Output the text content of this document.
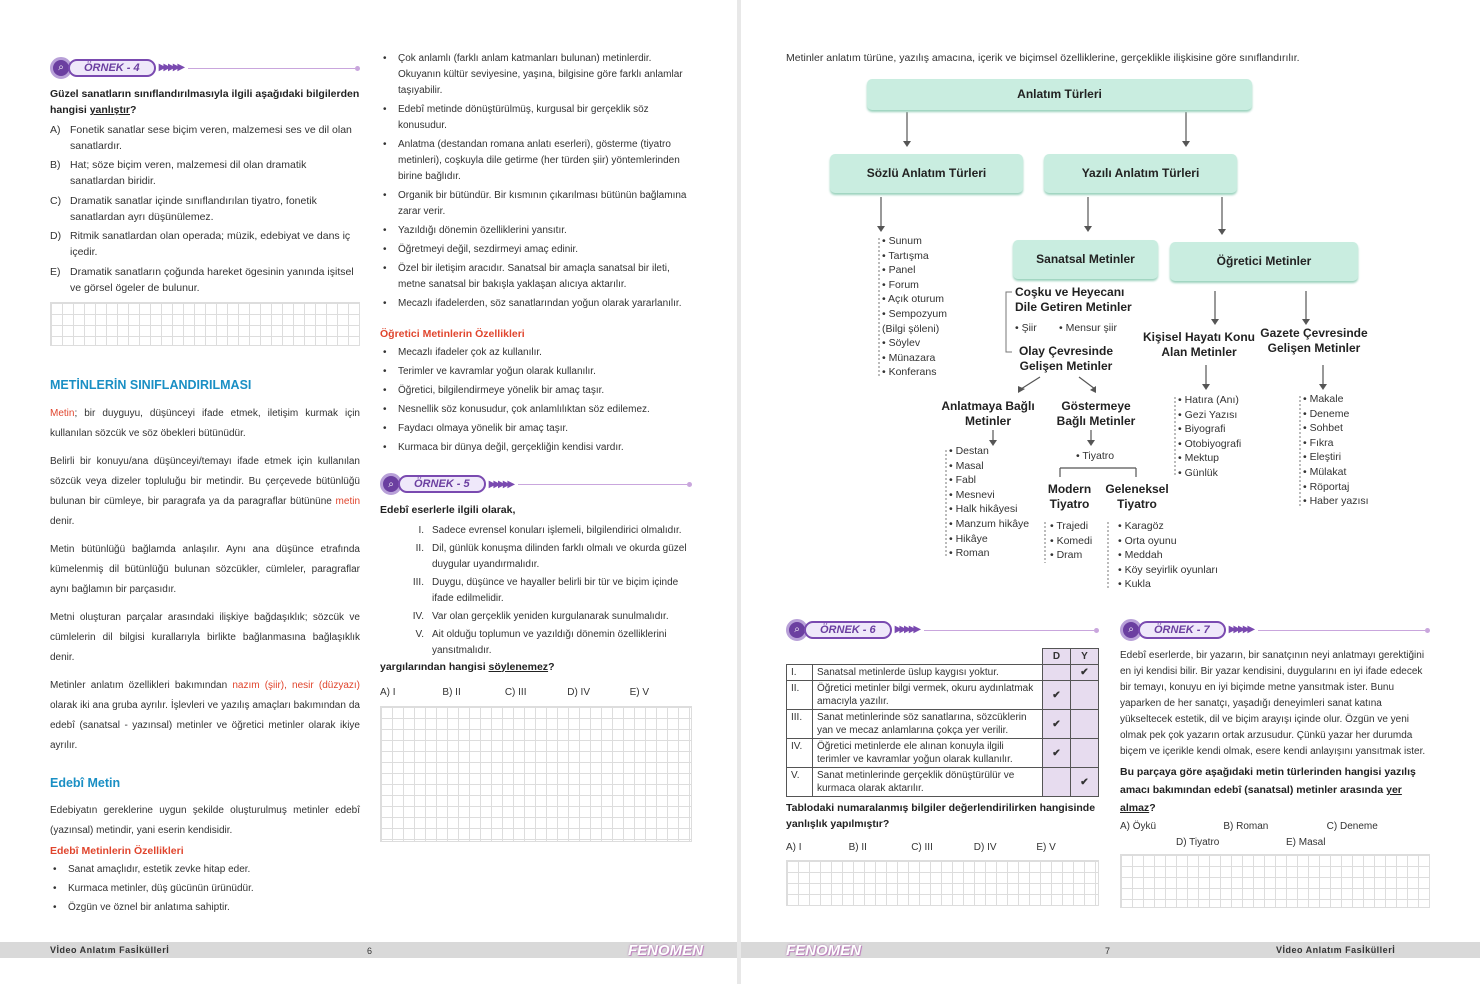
⌕	ÖRNEK - 4	▶▶▶▶▶
Güzel sanatların sınıflandırılmasıyla ilgili aşağıdaki bilgilerden hangisi yanlıştır?
A) Fonetik sanatlar sese biçim veren, malzemesi ses ve dil olan sanatlardır.
B) Hat; söze biçim veren, malzemesi dil olan dramatik sanatlardan biridir.
C) Dramatik sanatlar içinde sınıflandırılan tiyatro, fonetik sanatlardan ayrı düşünülemez.
D) Ritmik sanatlardan olan operada; müzik, edebiyat ve dans iç içedir.
E) Dramatik sanatların çoğunda hareket ögesinin yanında işitsel ve görsel ögeler de bulunur.
METİNLERİN SINIFLANDIRILMASI
Metin; bir duyguyu, düşünceyi ifade etmek, iletişim kurmak için kullanılan sözcük ve söz öbekleri bütünüdür.
Belirli bir konuyu/ana düşünceyi/temayı ifade etmek için kullanılan sözcük veya dizeler topluluğu bir metindir. Bu çerçevede bütünlüğü bulunan bir cümleye, bir paragrafa ya da paragraflar bütününe metin denir.
Metin bütünlüğü bağlamda anlaşılır. Aynı ana düşünce etrafında kümelenmiş dil bütünlüğü bulunan sözcükler, cümleler, paragraflar aynı bağlamın bir parçasıdır.
Metni oluşturan parçalar arasındaki ilişkiye bağdaşıklık; sözcük ve cümlelerin dil bilgisi kurallarıyla birlikte bağlanmasına bağlaşıklık denir.
Metinler anlatım özellikleri bakımından nazım (şiir), nesir (düzyazı) olarak iki ana gruba ayrılır. İşlevleri ve yazılış amaçları bakımından da edebî (sanatsal - yazınsal) metinler ve öğretici metinler olarak ikiye ayrılır.
Edebî Metin
Edebiyatın gereklerine uygun şekilde oluşturulmuş metinler edebî (yazınsal) metindir, yani eserin kendisidir.
Edebî Metinlerin Özellikleri
• Sanat amaçlıdır, estetik zevke hitap eder.
• Kurmaca metinler, düş gücünün ürünüdür.
• Özgün ve öznel bir anlatıma sahiptir.
• Çok anlamlı (farklı anlam katmanları bulunan) metinlerdir. Okuyanın kültür seviyesine, yaşına, bilgisine göre farklı anlamlar taşıyabilir.
• Edebî metinde dönüştürülmüş, kurgusal bir gerçeklik söz konusudur.
• Anlatma (destandan romana anlatı eserleri), gösterme (tiyatro metinleri), coşkuyla dile getirme (her türden şiir) yöntemlerinden birine bağlıdır.
• Organik bir bütündür. Bir kısmının çıkarılması bütünün bağlamına zarar verir.
• Yazıldığı dönemin özelliklerini yansıtır.
• Öğretmeyi değil, sezdirmeyi amaç edinir.
• Özel bir iletişim aracıdır. Sanatsal bir amaçla sanatsal bir ileti, metne sanatsal bir bakışla yaklaşan alıcıya aktarılır.
• Mecazlı ifadelerden, söz sanatlarından yoğun olarak yararlanılır.
Öğretici Metinlerin Özellikleri
• Mecazlı ifadeler çok az kullanılır.
• Terimler ve kavramlar yoğun olarak kullanılır.
• Öğretici, bilgilendirmeye yönelik bir amaç taşır.
• Nesnellik söz konusudur, çok anlamlılıktan söz edilemez.
• Faydacı olmaya yönelik bir amaç taşır.
• Kurmaca bir dünya değil, gerçekliğin kendisi vardır.
⌕	ÖRNEK - 5	▶▶▶▶▶
Edebî eserlerle ilgili olarak,
I. Sadece evrensel konuları işlemeli, bilgilendirici olmalıdır.
II. Dil, günlük konuşma dilinden farklı olmalı ve okurda güzel duygular uyandırmalıdır.
III. Duygu, düşünce ve hayaller belirli bir tür ve biçim içinde ifade edilmelidir.
IV. Var olan gerçeklik yeniden kurgulanarak sunulmalıdır.
V. Ait olduğu toplumun ve yazıldığı dönemin özelliklerini yansıtmalıdır.
yargılarından hangisi söylenemez?
A) I	B) II	C) III	D) IV	E) V
Vİdeo Anlatım Fasİküllerİ	6	FENOMEN
Metinler anlatım türüne, yazılış amacına, içerik ve biçimsel özelliklerine, gerçeklikle ilişkisine göre sınıflandırılır.
Anlatım Türleri
Sözlü Anlatım Türleri	Yazılı Anlatım Türleri
Sanatsal Metinler	Öğretici Metinler
• Sunum
• Tartışma
• Panel
• Forum
• Açık oturum
• Sempozyum
(Bilgi şöleni)
• Söylev
• Münazara
• Konferans
Coşku ve Heyecanı Dile Getiren Metinler
• Şiir • Mensur şiir
Olay Çevresinde Gelişen Metinler
Anlatmaya Bağlı Metinler
Göstermeye Bağlı Metinler
• Destan
• Masal
• Fabl
• Mesnevi
• Halk hikâyesi
• Manzum hikâye
• Hikâye
• Roman
• Tiyatro
Modern Tiyatro
Geleneksel Tiyatro
• Trajedi
• Komedi
• Dram
• Karagöz
• Orta oyunu
• Meddah
• Köy seyirlik oyunları
• Kukla
Kişisel Hayatı Konu Alan Metinler
Gazete Çevresinde Gelişen Metinler
• Hatıra (Anı)
• Gezi Yazısı
• Biyografi
• Otobiyografi
• Mektup
• Günlük
• Makale
• Deneme
• Sohbet
• Fıkra
• Eleştiri
• Mülakat
• Röportaj
• Haber yazısı
⌕	ÖRNEK - 6	▶▶▶▶▶
		D	Y
I.	Sanatsal metinlerde üslup kaygısı yoktur.		✔
II.	Öğretici metinler bilgi vermek, okuru aydınlatmak amacıyla yazılır.	✔	
III.	Sanat metinlerinde söz sanatlarına, sözcüklerin yan ve mecaz anlamlarına çokça yer verilir.	✔	
IV.	Öğretici metinlerde ele alınan konuyla ilgili terimler ve kavramlar yoğun olarak kullanılır.	✔	
V.	Sanat metinlerinde gerçeklik dönüştürülür ve kurmaca olarak aktarılır.		✔
Tablodaki numaralanmış bilgiler değerlendirilirken hangisinde yanlışlık yapılmıştır?
A) I	B) II	C) III	D) IV	E) V
⌕	ÖRNEK - 7	▶▶▶▶▶
Edebî eserlerde, bir yazarın, bir sanatçının neyi anlatmayı gerektiğini en iyi kendisi bilir. Bir yazar kendisini, duygularını en iyi ifade edecek bir temayı, konuyu en iyi biçimde metne yansıtmak ister. Bunu yaparken de her sanatçı, yaşadığı deneyimleri sanat katına yükseltecek estetik, dil ve biçim arayışı içinde olur. Özgün ve yeni olmak pek çok yazarın ortak arzusudur. Çünkü yazar her durumda biçem ve içerikle kendi olmak, esere kendi anlayışını yansıtmak ister.
Bu parçaya göre aşağıdaki metin türlerinden hangisi yazılış amacı bakımından edebî (sanatsal) metinler arasında yer almaz?
A) Öykü	B) Roman	C) Deneme
D) Tiyatro	E) Masal
FENOMEN	7	Vİdeo Anlatım Fasİküllerİ
